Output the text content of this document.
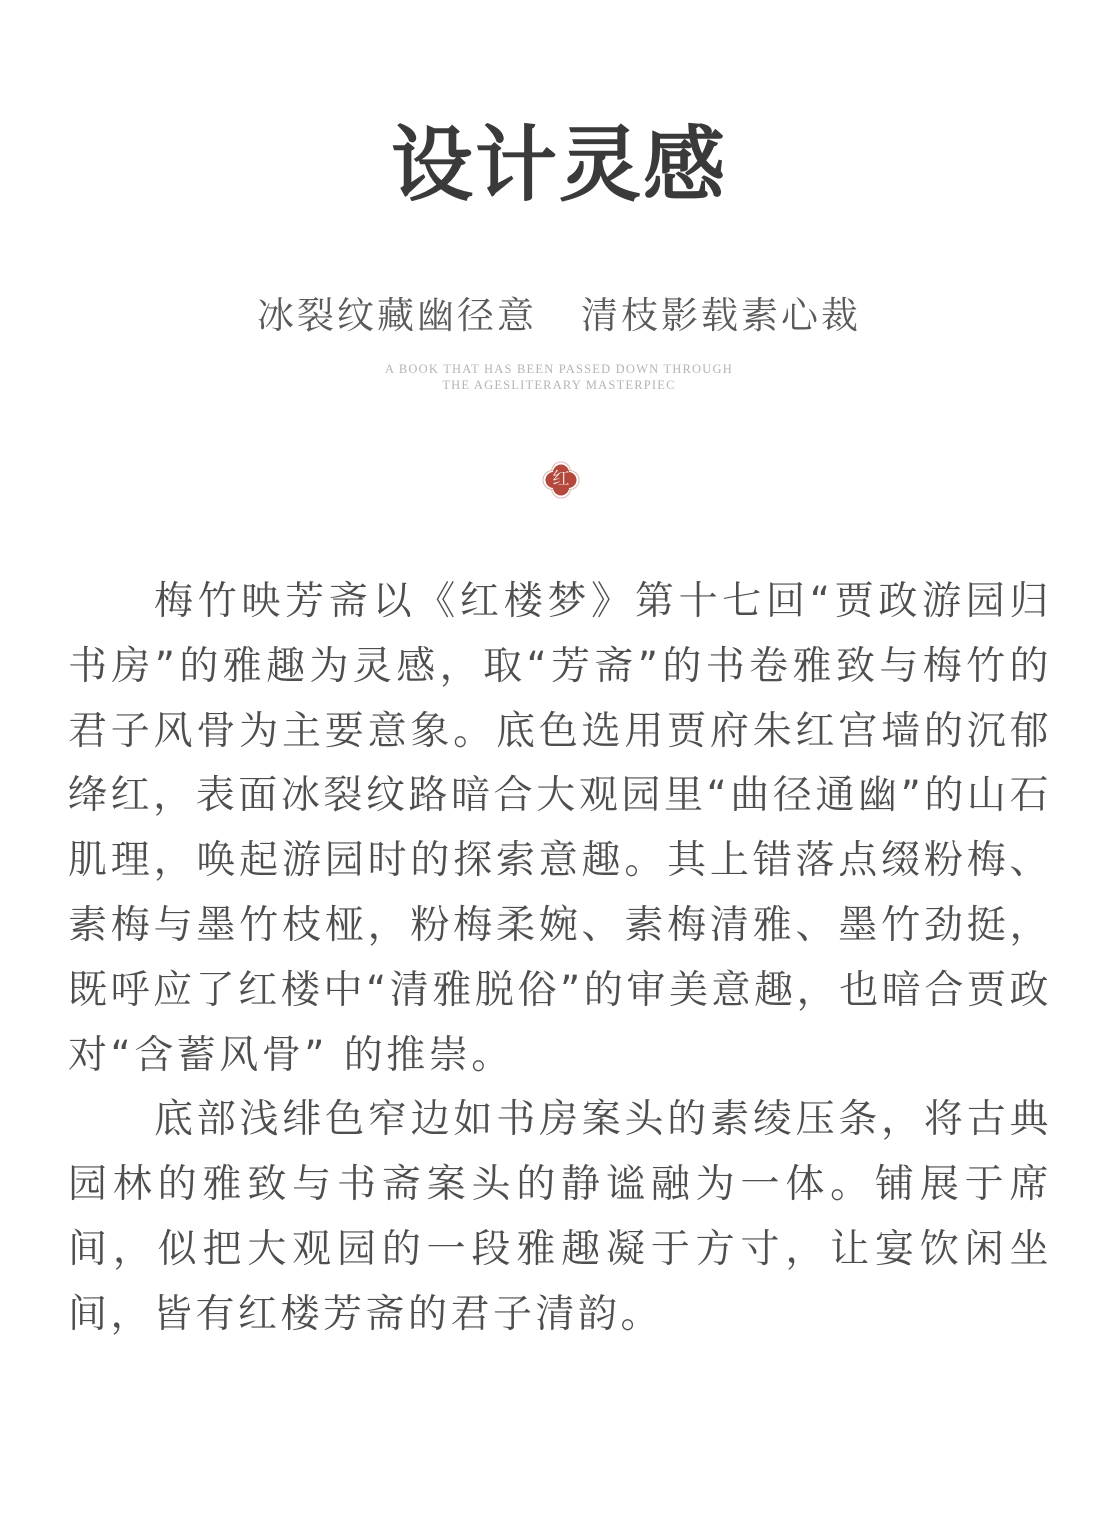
设计灵感
冰裂纹藏幽径意 清枝影载素心裁
A BOOK THAT HAS BEEN PASSED DOWN THROUGH
THE AGESLITERARY MASTERPIEC
红

梅竹映芳斋以《红楼梦》第十七回“贾政游园归书房”的雅趣为灵感，取“芳斋”的书卷雅致与梅竹的君子风骨为主要意象。底色选用贾府朱红宫墙的沉郁绛红，表面冰裂纹路暗合大观园里“曲径通幽”的山石肌理，唤起游园时的探索意趣。其上错落点缀粉梅、素梅与墨竹枝桠，粉梅柔婉、素梅清雅、墨竹劲挺，既呼应了红楼中“清雅脱俗”的审美意趣，也暗合贾政对“含蓄风骨” 的推崇。

底部浅绯色窄边如书房案头的素绫压条，将古典园林的雅致与书斋案头的静谧融为一体。铺展于席间，似把大观园的一段雅趣凝于方寸，让宴饮闲坐间，皆有红楼芳斋的君子清韵。
